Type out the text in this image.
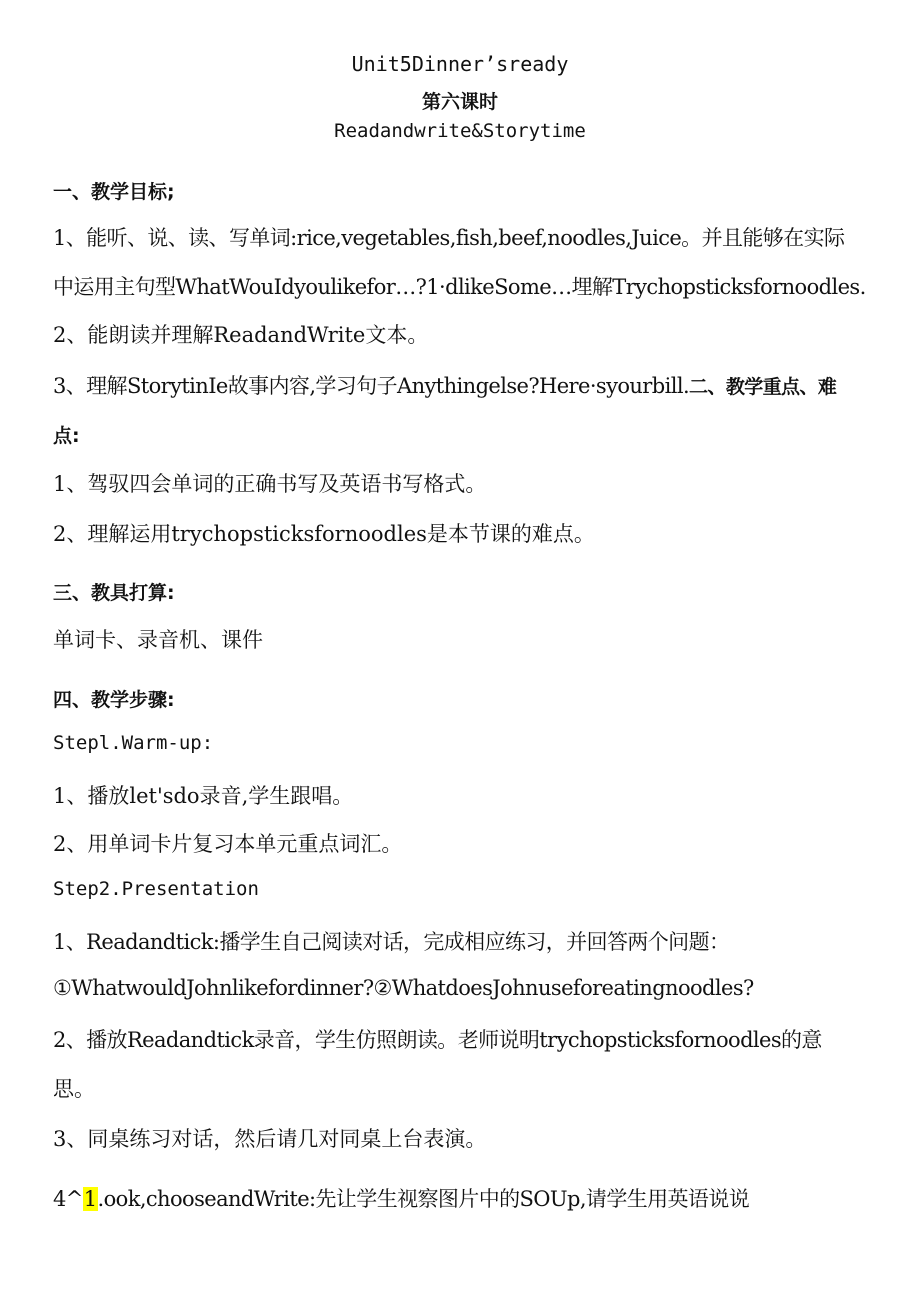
Unit5Dinner’sready
第六课时
Readandwrite&Storytime
一、教学目标;
1、能听、说、读、写单词:rice,vegetables,fish,beef,noodles,Juice。并且能够在实际
中运用主句型WhatWouIdyoulikefor…?1·dlikeSome…埋解Trychopsticksfornoodles.
2、能朗读并理解ReadandWrite文本。
3、理解StorytinIe故事内容,学习句子Anythingelse?Here·syourbill.二、教学重点、难
点:
1、驾驭四会单词的正确书写及英语书写格式。
2、理解运用trychopsticksfornoodles是本节课的难点。
三、教具打算:
单词卡、录音机、课件
四、教学步骤:
Stepl.Warm-up:
1、播放let'sdo录音,学生跟唱。
2、用单词卡片复习本单元重点词汇。
Step2.Presentation
1、Readandtick:播学生自己阅读对话，完成相应练习，并回答两个问题：
①WhatwouldJohnlikefordinner?②WhatdoesJohnuseforeatingnoodles?
2、播放Readandtick录音，学生仿照朗读。老师说明trychopsticksfornoodles的意
思。
3、同桌练习对话，然后请几对同桌上台表演。
4^1.ook,chooseandWrite:先让学生视察图片中的SOUp,请学生用英语说说
